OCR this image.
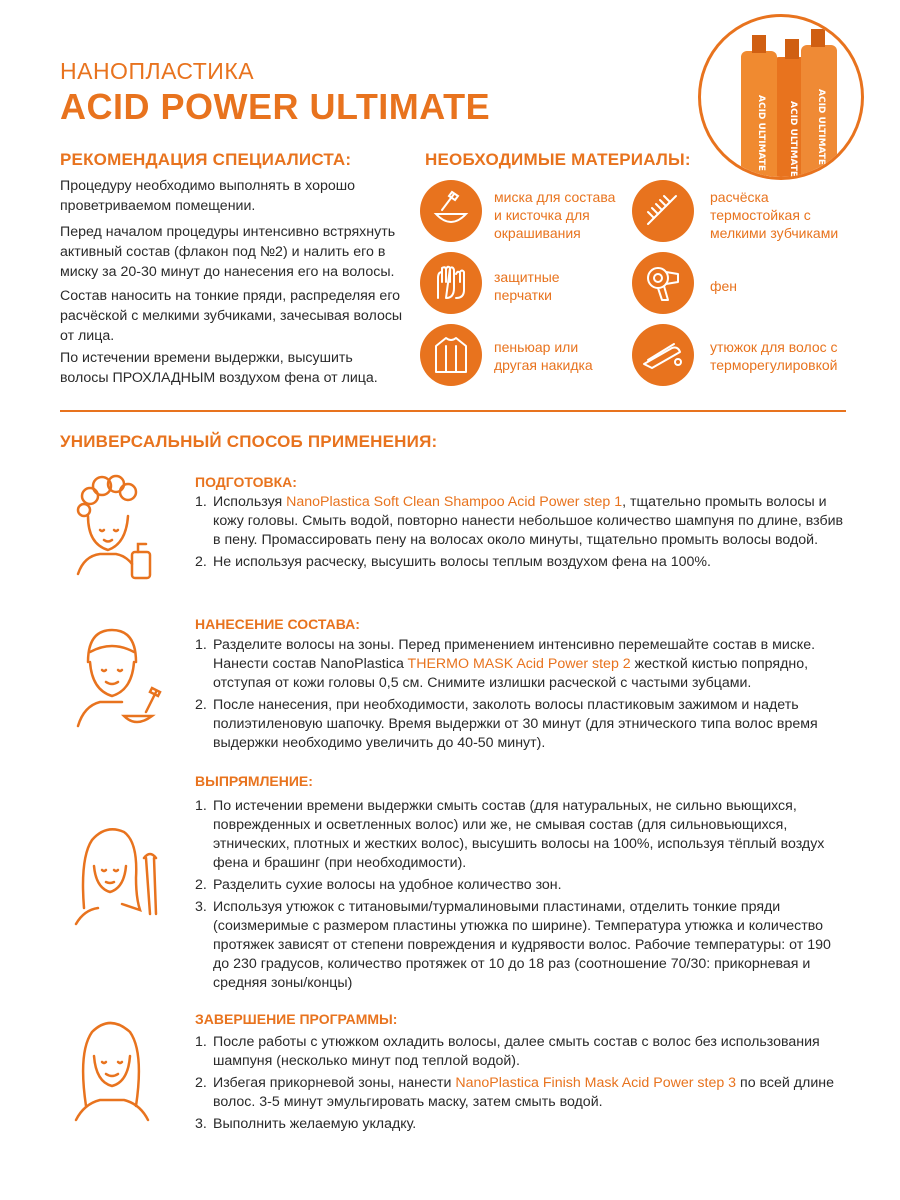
НАНОПЛАСТИКА
ACID POWER ULTIMATE	ACID ULTIMATE ACID ULTIMATE ACID ULTIMATE
РЕКОМЕНДАЦИЯ СПЕЦИАЛИСТА:
Процедуру необходимо выполнять в хорошо проветриваемом помещении.
Перед началом процедуры интенсивно встряхнуть активный состав (флакон под №2) и налить его в миску за 20-30 минут до нанесения его на волосы.
Состав наносить на тонкие пряди, распределяя его расчёской с мелкими зубчиками, зачесывая волосы от лица.
По истечении времени выдержки, высушить волосы ПРОХЛАДНЫМ воздухом фена от лица.
НЕОБХОДИМЫЕ МАТЕРИАЛЫ:
миска для состава и кисточка для окрашивания
расчёска термостойкая с мелкими зубчиками
защитные перчатки
фен
пеньюар или другая накидка
утюжок для волос с терморегулировкой
УНИВЕРСАЛЬНЫЙ СПОСОБ ПРИМЕНЕНИЯ:
ПОДГОТОВКА:
1. Используя NanoPlastica Soft Clean Shampoo Acid Power step 1, тщательно промыть волосы и кожу головы. Смыть водой, повторно нанести небольшое количество шампуня по длине, взбив в пену. Промассировать пену на волосах около минуты, тщательно промыть волосы водой.
2. Не используя расческу, высушить волосы теплым воздухом фена на 100%.
НАНЕСЕНИЕ СОСТАВА:
1. Разделите волосы на зоны. Перед применением интенсивно перемешайте состав в миске. Нанести состав NanoPlastica THERMO MASK Acid Power step 2 жесткой кистью попрядно, отступая от кожи головы 0,5 см. Снимите излишки расческой с частыми зубцами.
2. После нанесения, при необходимости, заколоть волосы пластиковым зажимом и надеть полиэтиленовую шапочку. Время выдержки от 30 минут (для этнического типа волос время выдержки необходимо увеличить до 40-50 минут).
ВЫПРЯМЛЕНИЕ:
1. По истечении времени выдержки смыть состав (для натуральных, не сильно вьющихся, поврежденных и осветленных волос) или же, не смывая состав (для сильновьющихся, этнических, плотных и жестких волос), высушить волосы на 100%, используя тёплый воздух фена и брашинг (при необходимости).
2. Разделить сухие волосы на удобное количество зон.
3. Используя утюжок с титановыми/турмалиновыми пластинами, отделить тонкие пряди (соизмеримые с размером пластины утюжка по ширине). Температура утюжка и количество протяжек зависят от степени повреждения и кудрявости волос. Рабочие температуры: от 190 до 230 градусов, количество протяжек от 10 до 18 раз (соотношение 70/30: прикорневая и средняя зоны/концы)
ЗАВЕРШЕНИЕ ПРОГРАММЫ:
1. После работы с утюжком охладить волосы, далее смыть состав с волос без использования шампуня (несколько минут под теплой водой).
2. Избегая прикорневой зоны, нанести NanoPlastica Finish Mask Acid Power step 3 по всей длине волос. 3-5 минут эмульгировать маску, затем смыть водой.
3. Выполнить желаемую укладку.
